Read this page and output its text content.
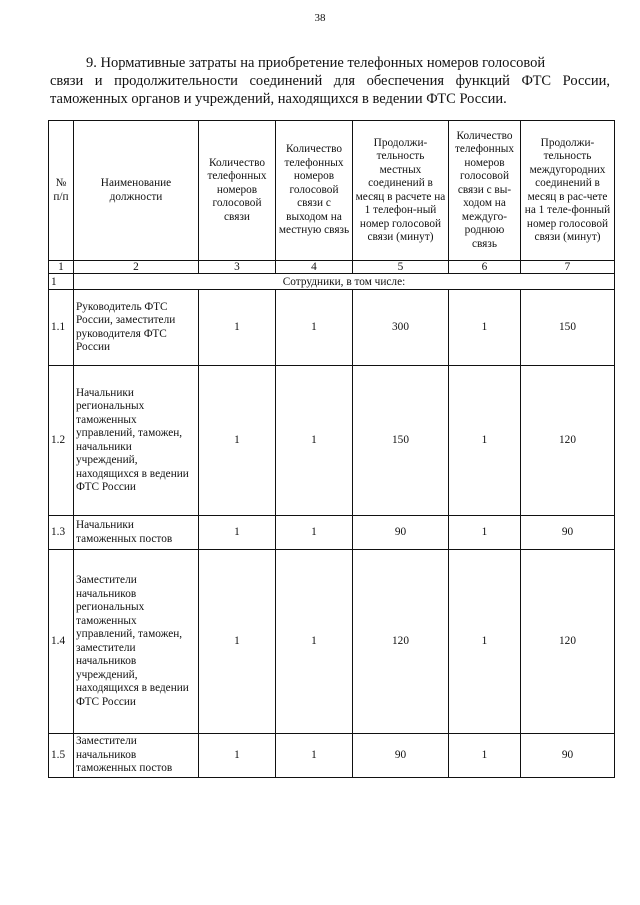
38
9. Нормативные затраты на приобретение телефонных номеров голосовой
связи и продолжительности соединений для обеспечения функций ФТС России, таможенных органов и учреждений, находящихся в ведении ФТС России.
№ п/п	Наименование должности	Количество телефонных номеров голосовой связи	Количество телефонных номеров голосовой связи с выходом на местную связь	Продолжи-тельность местных соединений в месяц в расчете на 1 телефон-ный номер голосовой связи (минут)	Количество телефонных номеров голосовой связи с вы-ходом на междуго-роднюю связь	Продолжи-тельность междугородних соединений в месяц в рас-чете на 1 теле-фонный номер голосовой связи (минут)
1	2	3	4	5	6	7
1	Сотрудники, в том числе:					
1.1	Руководитель ФТС России, заместители руководителя ФТС России	1	1	300	1	150
1.2	Начальники региональных таможенных управлений, таможен, начальники учреждений, находящихся в ведении ФТС России	1	1	150	1	120
1.3	Начальники таможенных постов	1	1	90	1	90
1.4	Заместители начальников региональных таможенных управлений, таможен, заместители начальников учреждений, находящихся в ведении ФТС России	1	1	120	1	120
1.5	Заместители начальников таможенных постов	1	1	90	1	90
